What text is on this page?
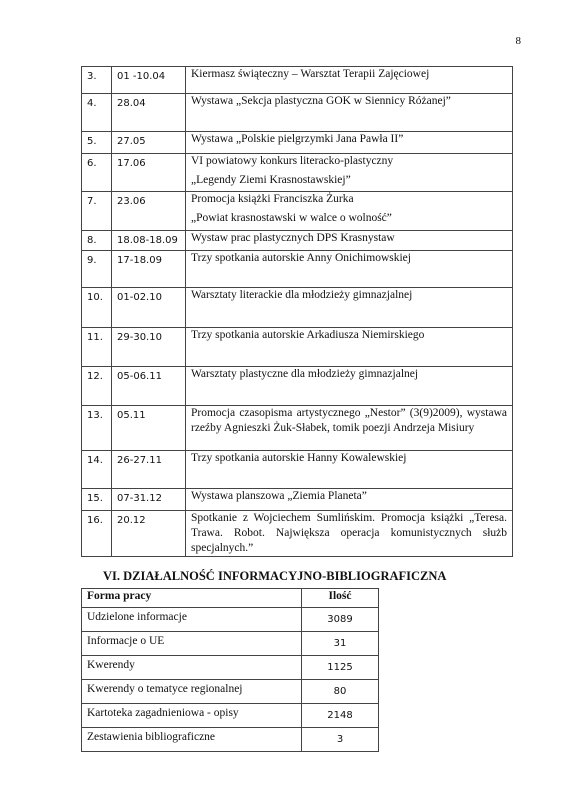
8
3.	01 -10.04	Kiermasz świąteczny – Warsztat Terapii Zajęciowej

4.	28.04	Wystawa „Sekcja plastyczna GOK w Siennicy Różanej”

5.	27.05	Wystawa „Polskie pielgrzymki Jana Pawła II”

6.	17.06	VI powiatowy konkurs literacko-plastyczny
„Legendy Ziemi Krasnostawskiej”

7.	23.06	Promocja książki Franciszka Żurka
„Powiat krasnostawski w walce o wolność”

8.	18.08-18.09	Wystaw prac plastycznych DPS Krasnystaw

9.	17-18.09	Trzy spotkania autorskie Anny Onichimowskiej

10.	01-02.10	Warsztaty literackie dla młodzieży gimnazjalnej

11.	29-30.10	Trzy spotkania autorskie Arkadiusza Niemirskiego

12.	05-06.11	Warsztaty plastyczne dla młodzieży gimnazjalnej

13.	05.11	Promocja czasopisma artystycznego „Nestor” (3(9)2009), wystawa rzeźby Agnieszki Żuk-Słabek, tomik poezji Andrzeja Misiury
14.	26-27.11	Trzy spotkania autorskie Hanny Kowalewskiej

15.	07-31.12	Wystawa planszowa „Ziemia Planeta”

16.	20.12	Spotkanie z Wojciechem Sumlińskim. Promocja książki „Teresa. Trawa. Robot. Największa operacja komunistycznych służb specjalnych.”
VI. DZIAŁALNOŚĆ INFORMACYJNO-BIBLIOGRAFICZNA
Forma pracy	Ilość
Udzielone informacje	3089
Informacje o UE	31
Kwerendy	1125
Kwerendy o tematyce regionalnej	80
Kartoteka zagadnieniowa - opisy	2148
Zestawienia bibliograficzne	3
